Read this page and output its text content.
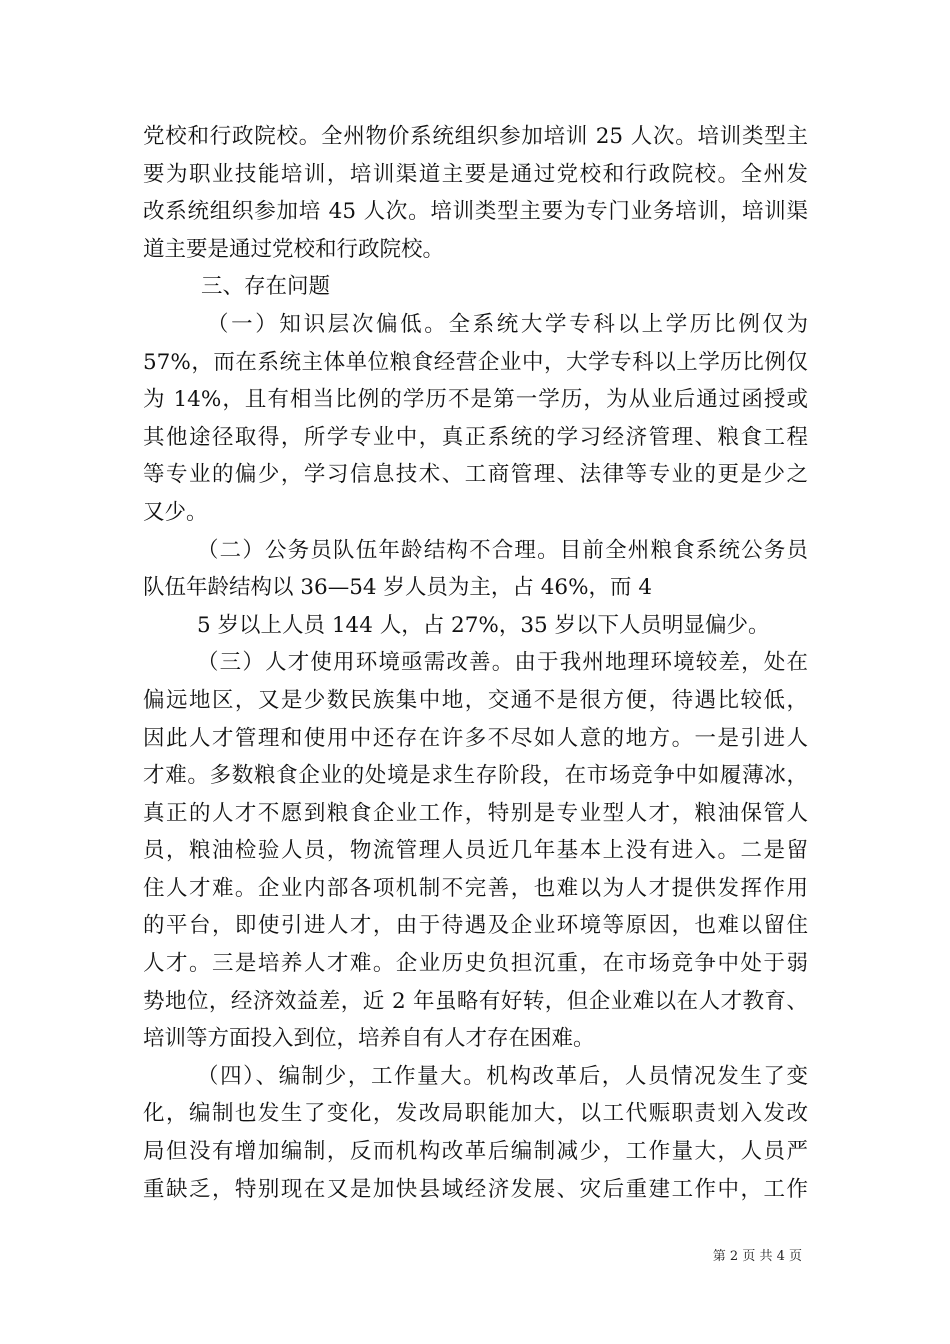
党校和行政院校。全州物价系统组织参加培训 25 人次。培训类型主
要为职业技能培训，培训渠道主要是通过党校和行政院校。全州发
改系统组织参加培 45 人次。培训类型主要为专门业务培训，培训渠
道主要是通过党校和行政院校。
三、存在问题
（一）知识层次偏低。全系统大学专科以上学历比例仅为
57%，而在系统主体单位粮食经营企业中，大学专科以上学历比例仅
为 14%，且有相当比例的学历不是第一学历，为从业后通过函授或
其他途径取得，所学专业中，真正系统的学习经济管理、粮食工程
等专业的偏少，学习信息技术、工商管理、法律等专业的更是少之
又少。
（二）公务员队伍年龄结构不合理。目前全州粮食系统公务员
队伍年龄结构以 36—54 岁人员为主，占 46%，而 4
5 岁以上人员 144 人，占 27%，35 岁以下人员明显偏少。
（三）人才使用环境亟需改善。由于我州地理环境较差，处在
偏远地区，又是少数民族集中地，交通不是很方便，待遇比较低，
因此人才管理和使用中还存在许多不尽如人意的地方。一是引进人
才难。多数粮食企业的处境是求生存阶段，在市场竞争中如履薄冰，
真正的人才不愿到粮食企业工作，特别是专业型人才，粮油保管人
员，粮油检验人员，物流管理人员近几年基本上没有进入。二是留
住人才难。企业内部各项机制不完善，也难以为人才提供发挥作用
的平台，即使引进人才，由于待遇及企业环境等原因，也难以留住
人才。三是培养人才难。企业历史负担沉重，在市场竞争中处于弱
势地位，经济效益差，近 2 年虽略有好转，但企业难以在人才教育、
培训等方面投入到位，培养自有人才存在困难。
（四）、编制少，工作量大。机构改革后，人员情况发生了变
化，编制也发生了变化，发改局职能加大，以工代赈职责划入发改
局但没有增加编制，反而机构改革后编制减少，工作量大，人员严
重缺乏，特别现在又是加快县域经济发展、灾后重建工作中，工作
第 2 页 共 4 页
